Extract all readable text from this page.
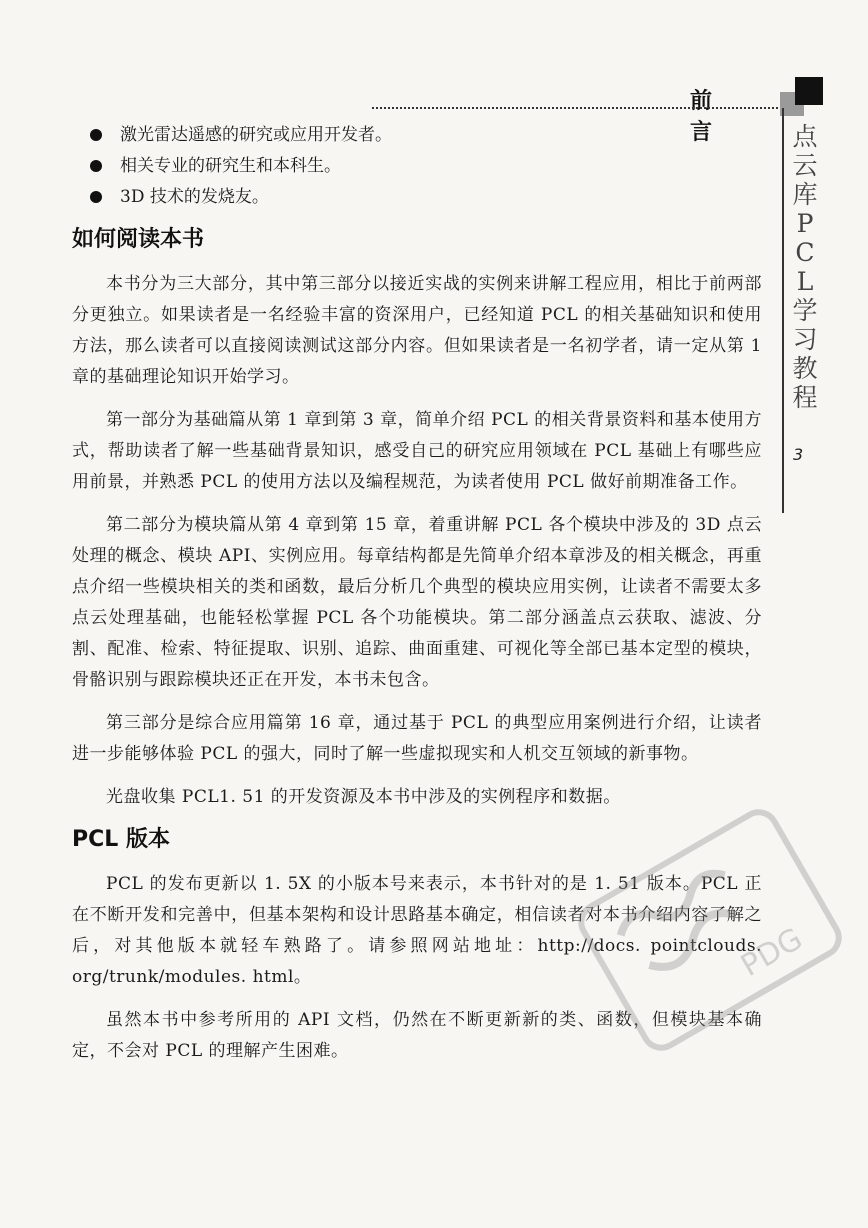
前言	点云库PCL学习教程
3
激光雷达遥感的研究或应用开发者。
相关专业的研究生和本科生。
3D 技术的发烧友。
如何阅读本书

本书分为三大部分，其中第三部分以接近实战的实例来讲解工程应用，相比于前两部分更独立。如果读者是一名经验丰富的资深用户，已经知道 PCL 的相关基础知识和使用方法，那么读者可以直接阅读测试这部分内容。但如果读者是一名初学者，请一定从第 1 章的基础理论知识开始学习。

第一部分为基础篇从第 1 章到第 3 章，简单介绍 PCL 的相关背景资料和基本使用方式，帮助读者了解一些基础背景知识，感受自己的研究应用领域在 PCL 基础上有哪些应用前景，并熟悉 PCL 的使用方法以及编程规范，为读者使用 PCL 做好前期准备工作。

第二部分为模块篇从第 4 章到第 15 章，着重讲解 PCL 各个模块中涉及的 3D 点云处理的概念、模块 API、实例应用。每章结构都是先简单介绍本章涉及的相关概念，再重点介绍一些模块相关的类和函数，最后分析几个典型的模块应用实例，让读者不需要太多点云处理基础，也能轻松掌握 PCL 各个功能模块。第二部分涵盖点云获取、滤波、分割、配准、检索、特征提取、识别、追踪、曲面重建、可视化等全部已基本定型的模块，骨骼识别与跟踪模块还正在开发，本书未包含。

第三部分是综合应用篇第 16 章，通过基于 PCL 的典型应用案例进行介绍，让读者进一步能够体验 PCL 的强大，同时了解一些虚拟现实和人机交互领域的新事物。

光盘收集 PCL1. 51 的开发资源及本书中涉及的实例程序和数据。

PCL 版本

PCL 的发布更新以 1. 5X 的小版本号来表示，本书针对的是 1. 51 版本。PCL 正在不断开发和完善中，但基本架构和设计思路基本确定，相信读者对本书介绍内容了解之后，对其他版本就轻车熟路了。请参照网站地址：http://docs. pointclouds. org/trunk/modules. html。

虽然本书中参考所用的 API 文档，仍然在不断更新新的类、函数，但模块基本确定，不会对 PCL 的理解产生困难。

PDG
